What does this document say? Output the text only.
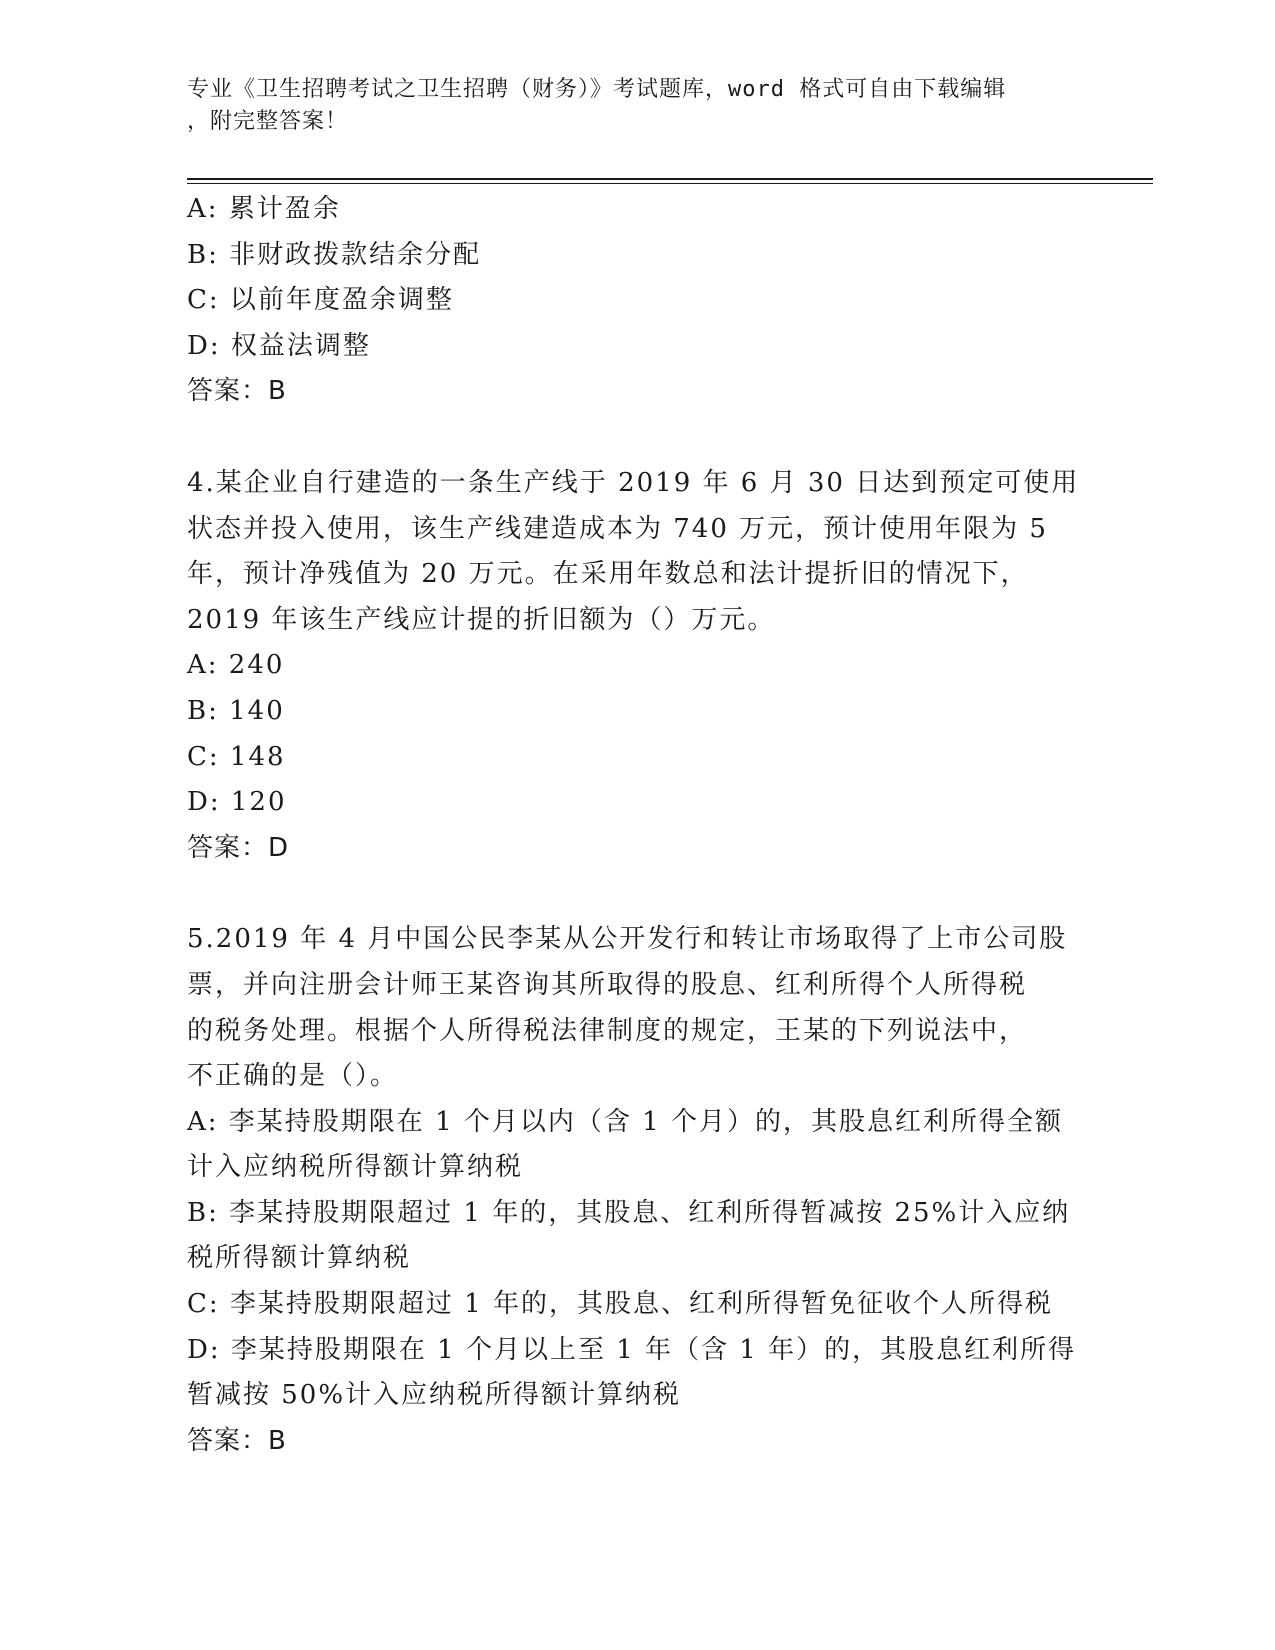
专业《卫生招聘考试之卫生招聘（财务）》考试题库，word 格式可自由下载编辑
，附完整答案！
A: 累计盈余
B: 非财政拨款结余分配
C: 以前年度盈余调整
D: 权益法调整
答案：B
4.某企业自行建造的一条生产线于 2019 年 6 月 30 日达到预定可使用
状态并投入使用，该生产线建造成本为 740 万元，预计使用年限为 5
年，预计净残值为 20 万元。在采用年数总和法计提折旧的情况下，
2019 年该生产线应计提的折旧额为（）万元。
A: 240
B: 140
C: 148
D: 120
答案：D
5.2019 年 4 月中国公民李某从公开发行和转让市场取得了上市公司股
票，并向注册会计师王某咨询其所取得的股息、红利所得个人所得税
的税务处理。根据个人所得税法律制度的规定，王某的下列说法中，
不正确的是（）。
A: 李某持股期限在 1 个月以内（含 1 个月）的，其股息红利所得全额
计入应纳税所得额计算纳税
B: 李某持股期限超过 1 年的，其股息、红利所得暂减按 25%计入应纳
税所得额计算纳税
C: 李某持股期限超过 1 年的，其股息、红利所得暂免征收个人所得税
D: 李某持股期限在 1 个月以上至 1 年（含 1 年）的，其股息红利所得
暂减按 50%计入应纳税所得额计算纳税
答案：B
